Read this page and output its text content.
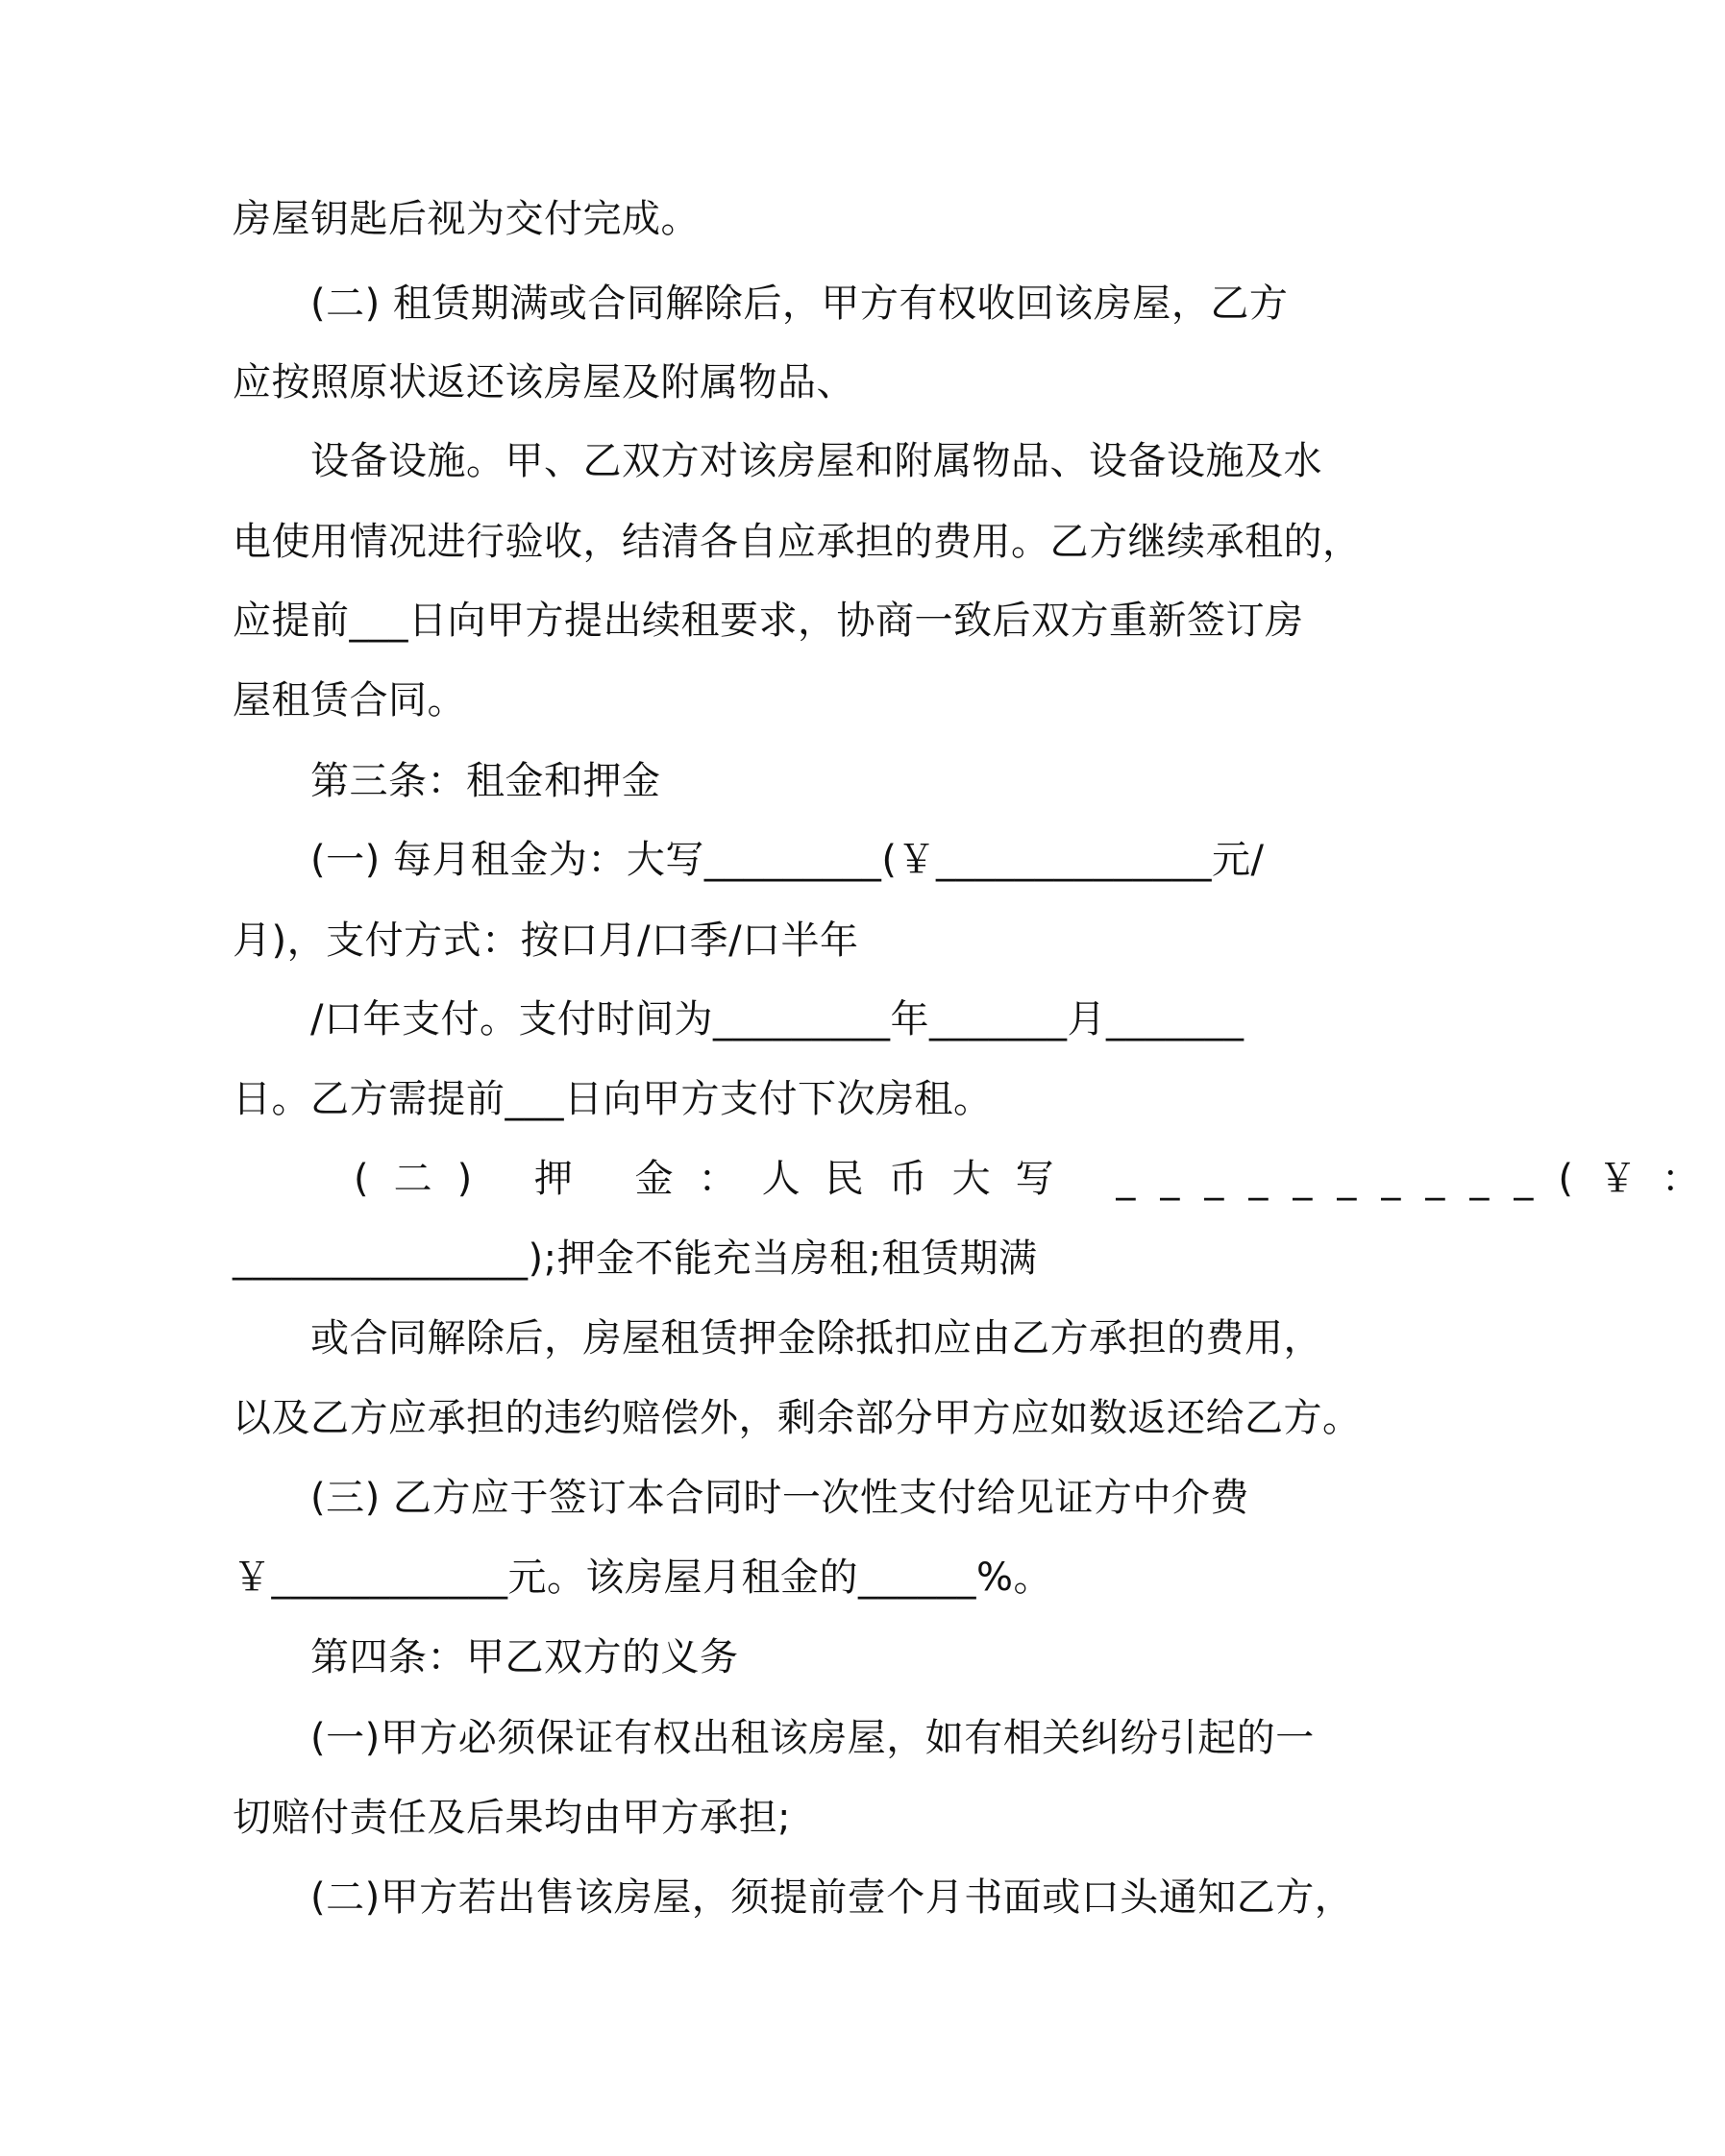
房屋钥匙后视为交付完成。
(二) 租赁期满或合同解除后，甲方有权收回该房屋，乙方
应按照原状返还该房屋及附属物品、
设备设施。甲、乙双方对该房屋和附属物品、设备设施及水
电使用情况进行验收，结清各自应承担的费用。乙方继续承租的，
应提前___日向甲方提出续租要求，协商一致后双方重新签订房
屋租赁合同。
第三条：租金和押金
(一) 每月租金为：大写_________(￥______________元/
月)，支付方式：按口月/口季/口半年
/口年支付。支付时间为_________年_______月_______
日。乙方需提前___日向甲方支付下次房租。
(二) 押 金：人民币大写 __________(￥：
_______________);押金不能充当房租;租赁期满
或合同解除后，房屋租赁押金除抵扣应由乙方承担的费用，
以及乙方应承担的违约赔偿外，剩余部分甲方应如数返还给乙方。
(三) 乙方应于签订本合同时一次性支付给见证方中介费
￥____________元。该房屋月租金的______%。
第四条：甲乙双方的义务
(一)甲方必须保证有权出租该房屋，如有相关纠纷引起的一
切赔付责任及后果均由甲方承担;
(二)甲方若出售该房屋，须提前壹个月书面或口头通知乙方，
